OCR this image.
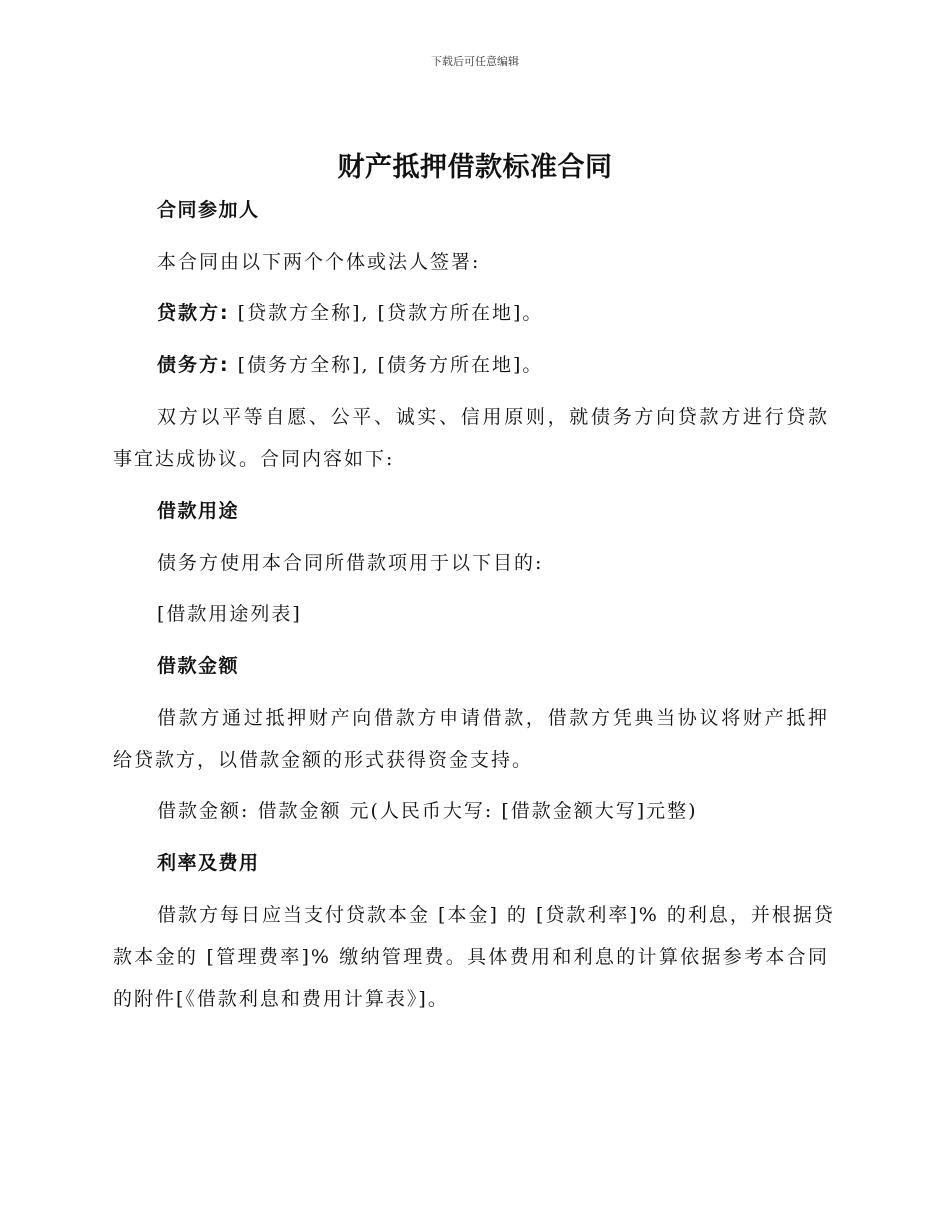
下载后可任意编辑
财产抵押借款标准合同
合同参加人
本合同由以下两个个体或法人签署:
贷款方: [贷款方全称], [贷款方所在地]。
债务方: [债务方全称], [债务方所在地]。
双方以平等自愿、公平、诚实、信用原则，就债务方向贷款方进行贷款
事宜达成协议。合同内容如下:
借款用途
债务方使用本合同所借款项用于以下目的:
[借款用途列表]
借款金额
借款方通过抵押财产向借款方申请借款，借款方凭典当协议将财产抵押
给贷款方，以借款金额的形式获得资金支持。
借款金额: 借款金额 元(人民币大写: [借款金额大写]元整)
利率及费用
借款方每日应当支付贷款本金 [本金] 的 [贷款利率]% 的利息，并根据贷
款本金的 [管理费率]% 缴纳管理费。具体费用和利息的计算依据参考本合同
的附件[《借款利息和费用计算表》]。
